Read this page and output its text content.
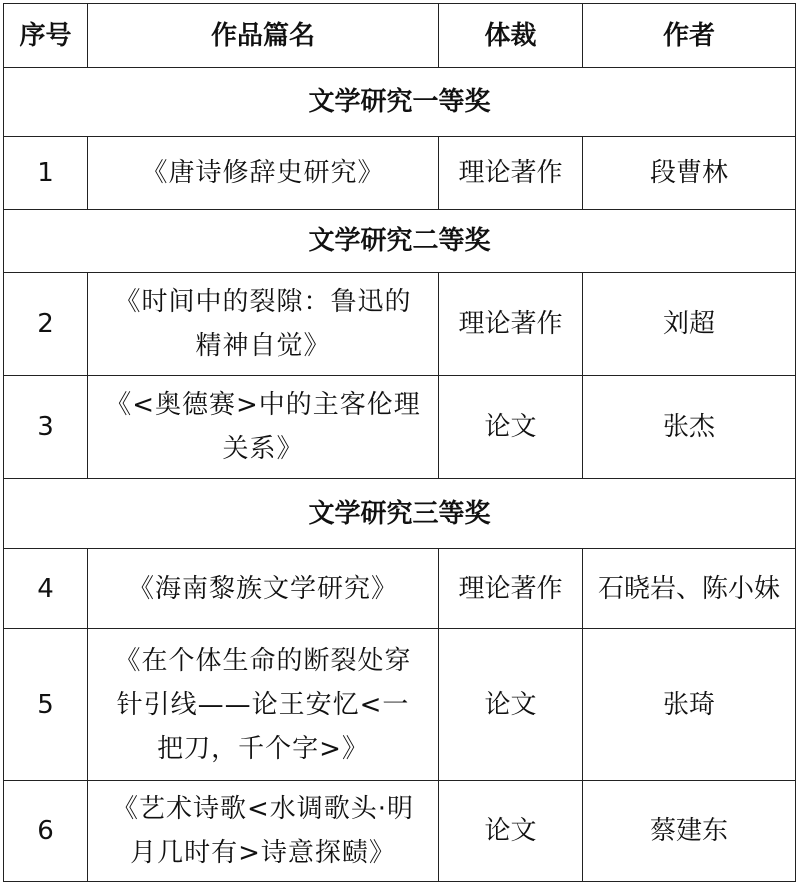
序号	作品篇名	体裁	作者
文学研究一等奖			
1	《唐诗修辞史研究》	理论著作	段曹林
文学研究二等奖			
2	《时间中的裂隙：鲁迅的
精神自觉》	理论著作	刘超
3	《<奥德赛>中的主客伦理
关系》	论文	张杰
文学研究三等奖			
4	《海南黎族文学研究》	理论著作	石晓岩、陈小妹
5	《在个体生命的断裂处穿
针引线——论王安忆<一
把刀，千个字>》	论文	张琦
6	《艺术诗歌<水调歌头·明
月几时有>诗意探赜》	论文	蔡建东
